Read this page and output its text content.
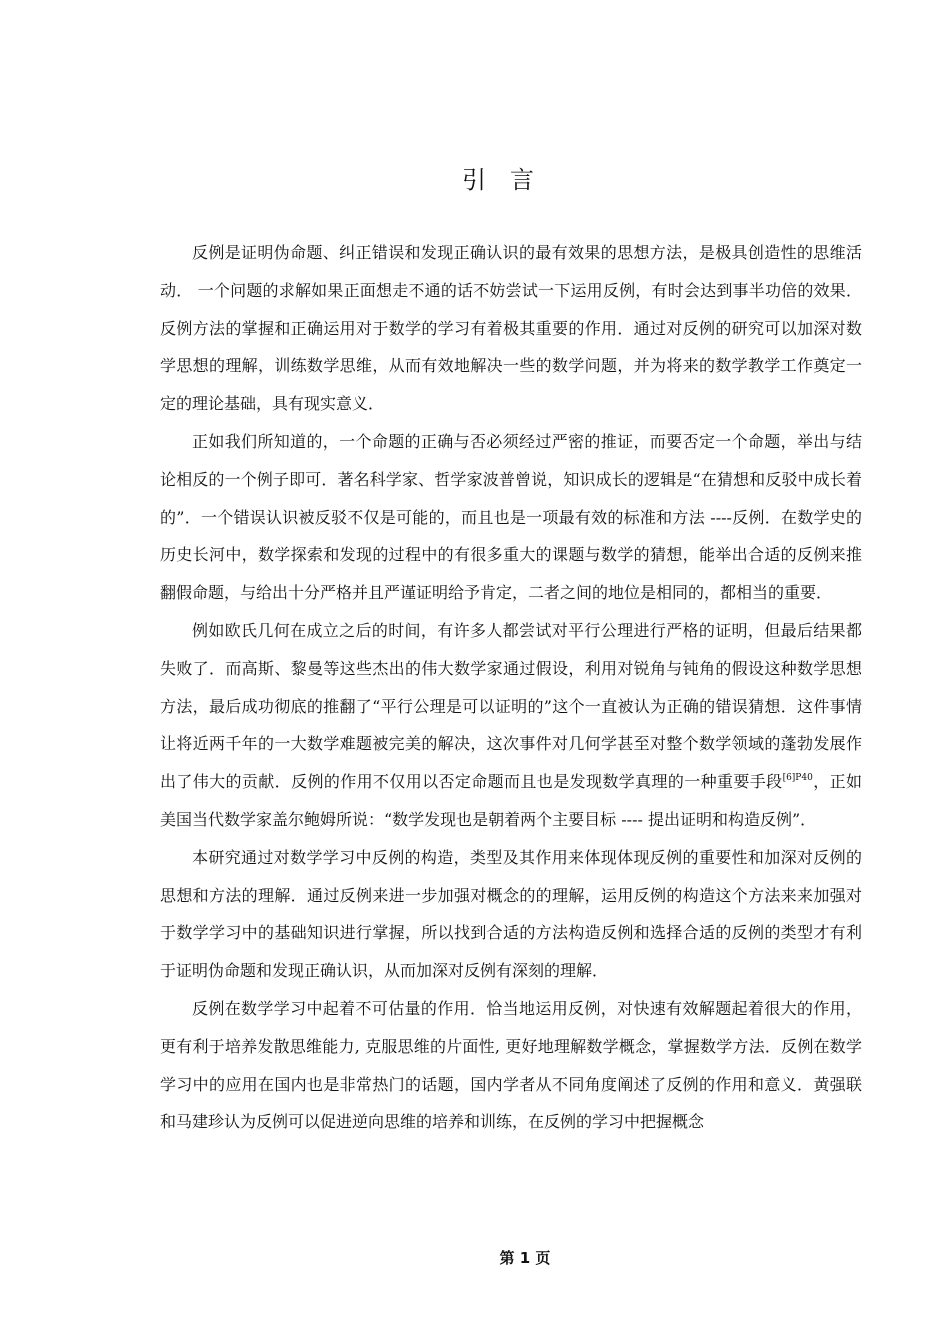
引言

反例是证明伪命题、纠正错误和发现正确认识的最有效果的思想方法，是极具创造性的思维活动． 一个问题的求解如果正面想走不通的话不妨尝试一下运用反例，有时会达到事半功倍的效果．反例方法的掌握和正确运用对于数学的学习有着极其重要的作用．通过对反例的研究可以加深对数学思想的理解，训练数学思维，从而有效地解决一些的数学问题，并为将来的数学教学工作奠定一定的理论基础，具有现实意义．

正如我们所知道的，一个命题的正确与否必须经过严密的推证，而要否定一个命题，举出与结论相反的一个例子即可．著名科学家、哲学家波普曾说，知识成长的逻辑是“在猜想和反驳中成长着的”．一个错误认识被反驳不仅是可能的，而且也是一项最有效的标准和方法 ----反例．在数学史的历史长河中，数学探索和发现的过程中的有很多重大的课题与数学的猜想，能举出合适的反例来推翻假命题，与给出十分严格并且严谨证明给予肯定，二者之间的地位是相同的，都相当的重要．

例如欧氏几何在成立之后的时间，有许多人都尝试对平行公理进行严格的证明，但最后结果都失败了．而高斯、黎曼等这些杰出的伟大数学家通过假设，利用对锐角与钝角的假设这种数学思想方法，最后成功彻底的推翻了“平行公理是可以证明的”这个一直被认为正确的错误猜想．这件事情让将近两千年的一大数学难题被完美的解决，这次事件对几何学甚至对整个数学领域的蓬勃发展作出了伟大的贡献．反例的作用不仅用以否定命题而且也是发现数学真理的一种重要手段$^{[6]P40}$，正如美国当代数学家盖尔鲍姆所说：“数学发现也是朝着两个主要目标 ---- 提出证明和构造反例”．

本研究通过对数学学习中反例的构造，类型及其作用来体现体现反例的重要性和加深对反例的思想和方法的理解．通过反例来进一步加强对概念的的理解，运用反例的构造这个方法来来加强对于数学学习中的基础知识进行掌握，所以找到合适的方法构造反例和选择合适的反例的类型才有利于证明伪命题和发现正确认识，从而加深对反例有深刻的理解．

反例在数学学习中起着不可估量的作用．恰当地运用反例，对快速有效解题起着很大的作用，更有利于培养发散思维能力, 克服思维的片面性, 更好地理解数学概念，掌握数学方法．反例在数学学习中的应用在国内也是非常热门的话题，国内学者从不同角度阐述了反例的作用和意义．黄强联和马建珍认为反例可以促进逆向思维的培养和训练，在反例的学习中把握概念

第 1 页
